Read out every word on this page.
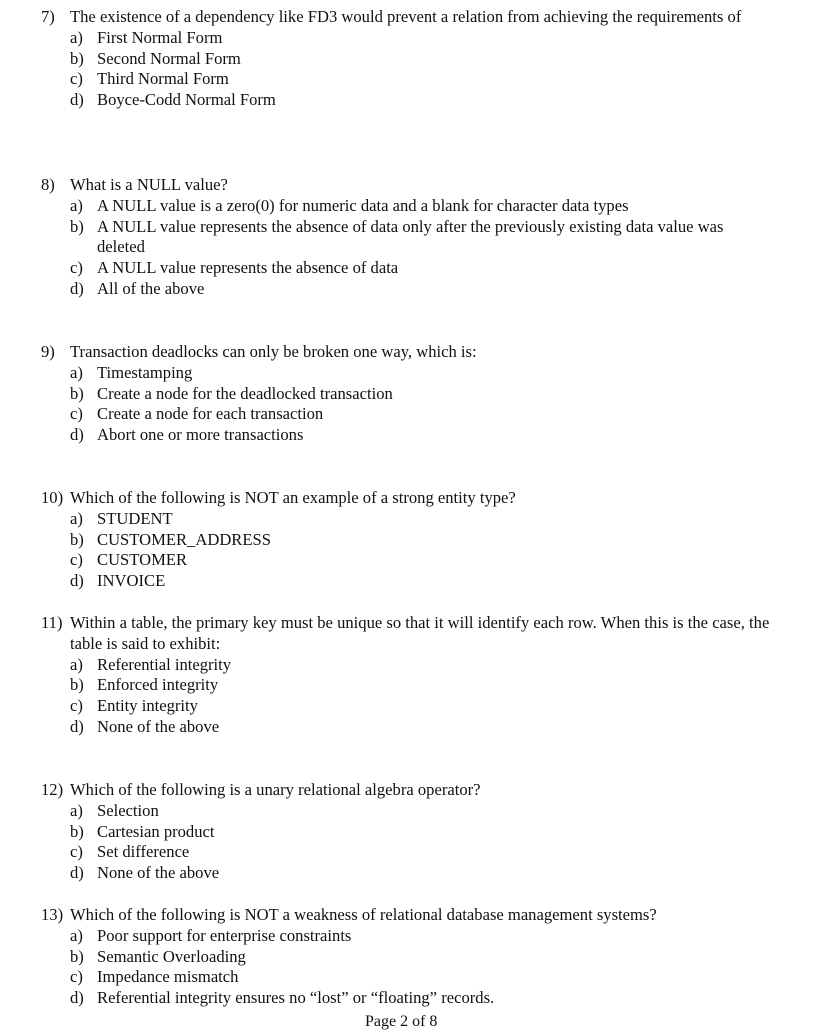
7) The existence of a dependency like FD3 would prevent a relation from achieving the requirements of
a) First Normal Form
b) Second Normal Form
c) Third Normal Form
d) Boyce-Codd Normal Form
8) What is a NULL value?
a) A NULL value is a zero(0) for numeric data and a blank for character data types
b) A NULL value represents the absence of data only after the previously existing data value was deleted
c) A NULL value represents the absence of data
d) All of the above
9) Transaction deadlocks can only be broken one way, which is:
a) Timestamping
b) Create a node for the deadlocked transaction
c) Create a node for each transaction
d) Abort one or more transactions
10) Which of the following is NOT an example of a strong entity type?
a) STUDENT
b) CUSTOMER_ADDRESS
c) CUSTOMER
d) INVOICE
11) Within a table, the primary key must be unique so that it will identify each row. When this is the case, the table is said to exhibit:
a) Referential integrity
b) Enforced integrity
c) Entity integrity
d) None of the above
12) Which of the following is a unary relational algebra operator?
a) Selection
b) Cartesian product
c) Set difference
d) None of the above
13) Which of the following is NOT a weakness of relational database management systems?
a) Poor support for enterprise constraints
b) Semantic Overloading
c) Impedance mismatch
d) Referential integrity ensures no “lost” or “floating” records.
Page 2 of 8
